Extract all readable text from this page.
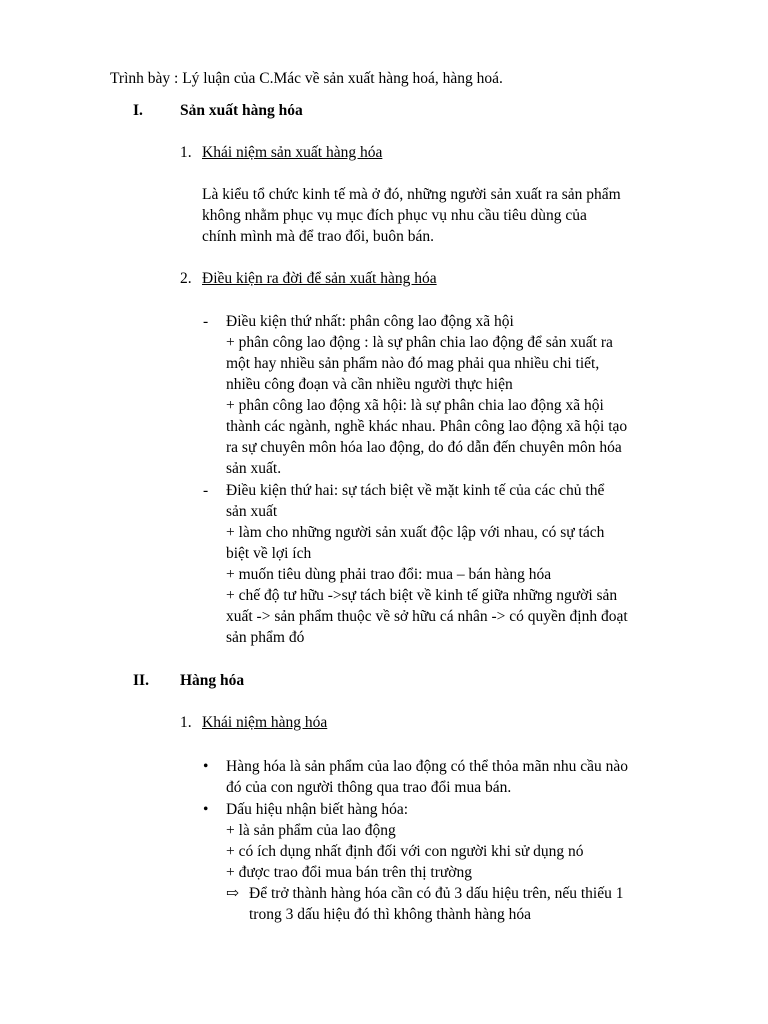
Trình bày : Lý luận của C.Mác về sản xuất hàng hoá, hàng hoá.
I. Sản xuất hàng hóa
1. Khái niệm sản xuất hàng hóa
Là kiểu tổ chức kinh tế mà ở đó, những người sản xuất ra sản phẩm
không nhằm phục vụ mục đích phục vụ nhu cầu tiêu dùng của
chính mình mà để trao đổi, buôn bán.
2. Điều kiện ra đời để sản xuất hàng hóa
- Điều kiện thứ nhất: phân công lao động xã hội
+ phân công lao động : là sự phân chia lao động để sản xuất ra
một hay nhiều sản phẩm nào đó mag phải qua nhiều chi tiết,
nhiều công đoạn và cần nhiều người thực hiện
+ phân công lao động xã hội: là sự phân chia lao động xã hội
thành các ngành, nghề khác nhau. Phân công lao động xã hội tạo
ra sự chuyên môn hóa lao động, do đó dẫn đến chuyên môn hóa
sản xuất.
- Điều kiện thứ hai: sự tách biệt về mặt kinh tế của các chủ thể
sản xuất
+ làm cho những người sản xuất độc lập với nhau, có sự tách
biệt về lợi ích
+ muốn tiêu dùng phải trao đổi: mua – bán hàng hóa
+ chế độ tư hữu ->sự tách biệt về kinh tế giữa những người sản
xuất -> sản phẩm thuộc về sở hữu cá nhân -> có quyền định đoạt
sản phẩm đó
II. Hàng hóa
1. Khái niệm hàng hóa
• Hàng hóa là sản phẩm của lao động có thể thỏa mãn nhu cầu nào
đó của con người thông qua trao đổi mua bán.
• Dấu hiệu nhận biết hàng hóa:
+ là sản phẩm của lao động
+ có ích dụng nhất định đối với con người khi sử dụng nó
+ được trao đổi mua bán trên thị trường
⇨ Để trở thành hàng hóa cần có đủ 3 dấu hiệu trên, nếu thiếu 1
trong 3 dấu hiệu đó thì không thành hàng hóa
